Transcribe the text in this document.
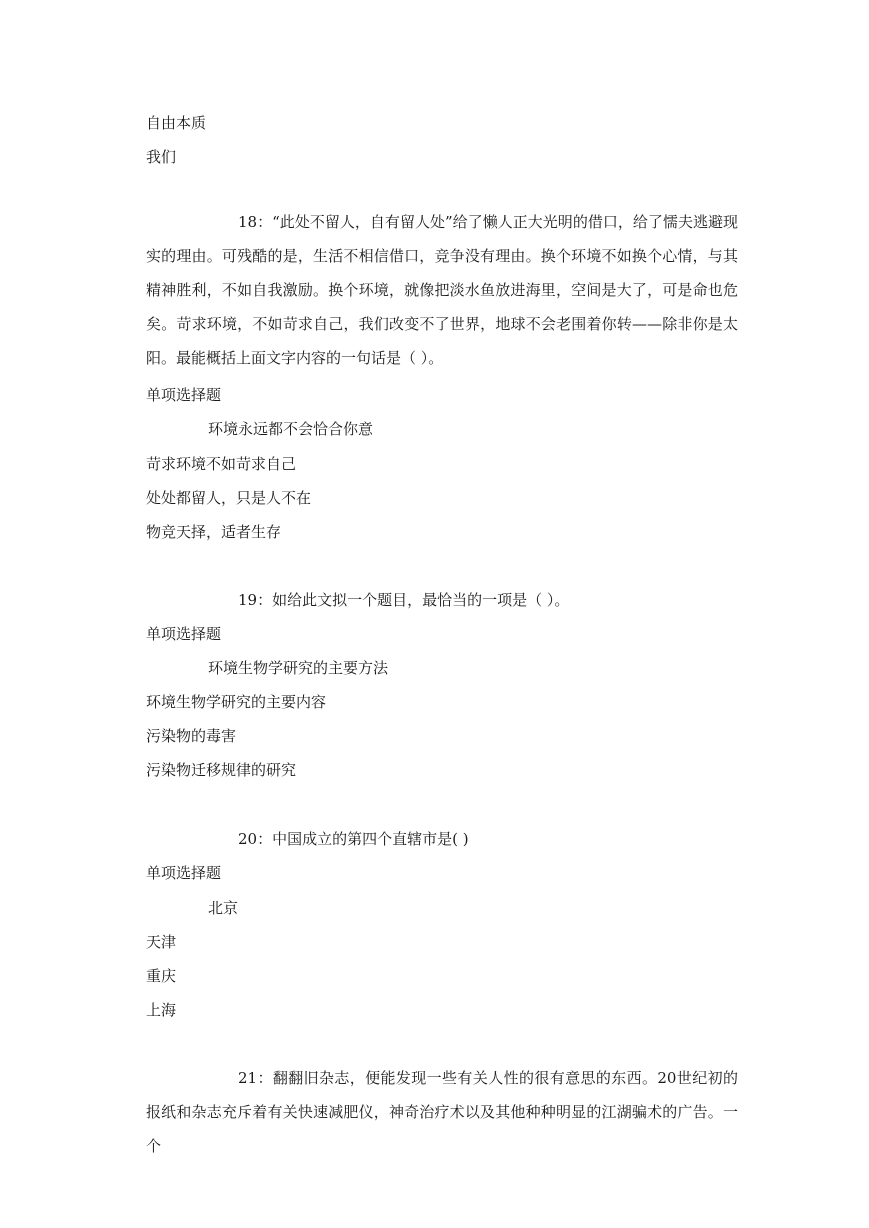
自由本质
我们
18：“此处不留人，自有留人处”给了懒人正大光明的借口，给了懦夫逃避现实的理由。可残酷的是，生活不相信借口，竞争没有理由。换个环境不如换个心情，与其精神胜利，不如自我激励。换个环境，就像把淡水鱼放进海里，空间是大了，可是命也危矣。苛求环境，不如苛求自己，我们改变不了世界，地球不会老围着你转——除非你是太阳。最能概括上面文字内容的一句话是（ ）。
单项选择题
环境永远都不会恰合你意
苛求环境不如苛求自己
处处都留人，只是人不在
物竞天择，适者生存
19：如给此文拟一个题目，最恰当的一项是（ ）。
单项选择题
环境生物学研究的主要方法
环境生物学研究的主要内容
污染物的毒害
污染物迁移规律的研究
20：中国成立的第四个直辖市是( )
单项选择题
北京
天津
重庆
上海
21：翻翻旧杂志，便能发现一些有关人性的很有意思的东西。20世纪初的报纸和杂志充斥着有关快速减肥仪，神奇治疗术以及其他种种明显的江湖骗术的广告。一个
